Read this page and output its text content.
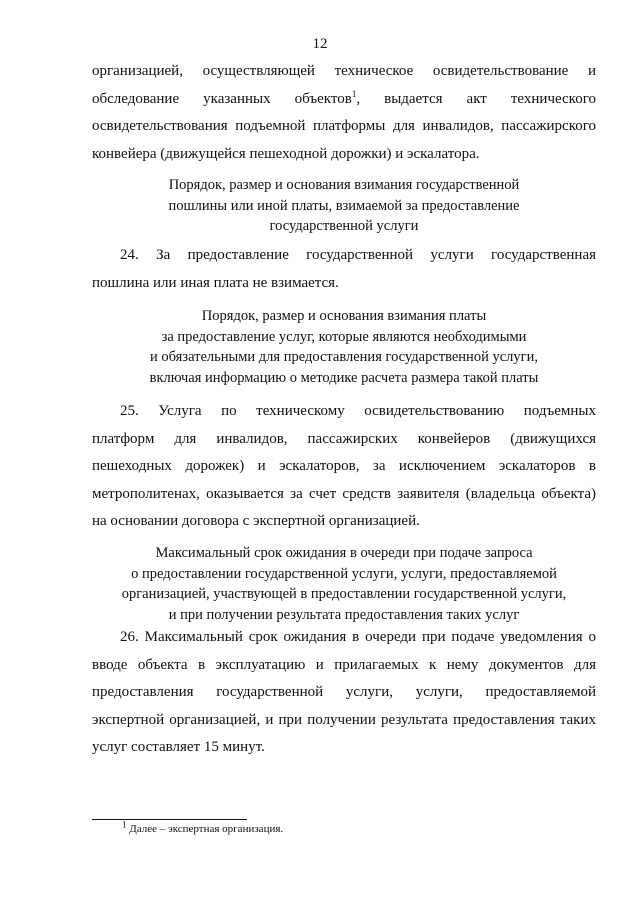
12
организацией, осуществляющей техническое освидетельствование и
обследование указанных объектов$^1$, выдается акт технического
освидетельствования подъемной платформы для инвалидов, пассажирского
конвейера (движущейся пешеходной дорожки) и эскалатора.
Порядок, размер и основания взимания государственной
пошлины или иной платы, взимаемой за предоставление
государственной услуги
24. За предоставление государственной услуги государственная
пошлина или иная плата не взимается.
Порядок, размер и основания взимания платы
за предоставление услуг, которые являются необходимыми
и обязательными для предоставления государственной услуги,
включая информацию о методике расчета размера такой платы
25. Услуга по техническому освидетельствованию подъемных
платформ для инвалидов, пассажирских конвейеров (движущихся
пешеходных дорожек) и эскалаторов, за исключением эскалаторов в
метрополитенах, оказывается за счет средств заявителя (владельца объекта)
на основании договора с экспертной организацией.
Максимальный срок ожидания в очереди при подаче запроса
о предоставлении государственной услуги, услуги, предоставляемой
организацией, участвующей в предоставлении государственной услуги,
и при получении результата предоставления таких услуг
26. Максимальный срок ожидания в очереди при подаче уведомления о
вводе объекта в эксплуатацию и прилагаемых к нему документов для
предоставления государственной услуги, услуги, предоставляемой
экспертной организацией, и при получении результата предоставления таких
услуг составляет 15 минут.
$^1$ Далее – экспертная организация.
